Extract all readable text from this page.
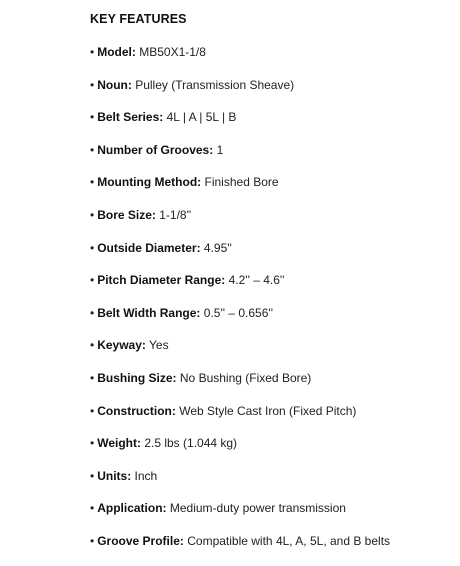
KEY FEATURES
• Model: MB50X1-1/8
• Noun: Pulley (Transmission Sheave)
• Belt Series: 4L | A | 5L | B
• Number of Grooves: 1
• Mounting Method: Finished Bore
• Bore Size: 1-1/8''
• Outside Diameter: 4.95''
• Pitch Diameter Range: 4.2'' – 4.6''
• Belt Width Range: 0.5'' – 0.656''
• Keyway: Yes
• Bushing Size: No Bushing (Fixed Bore)
• Construction: Web Style Cast Iron (Fixed Pitch)
• Weight: 2.5 lbs (1.044 kg)
• Units: Inch
• Application: Medium-duty power transmission
• Groove Profile: Compatible with 4L, A, 5L, and B belts
